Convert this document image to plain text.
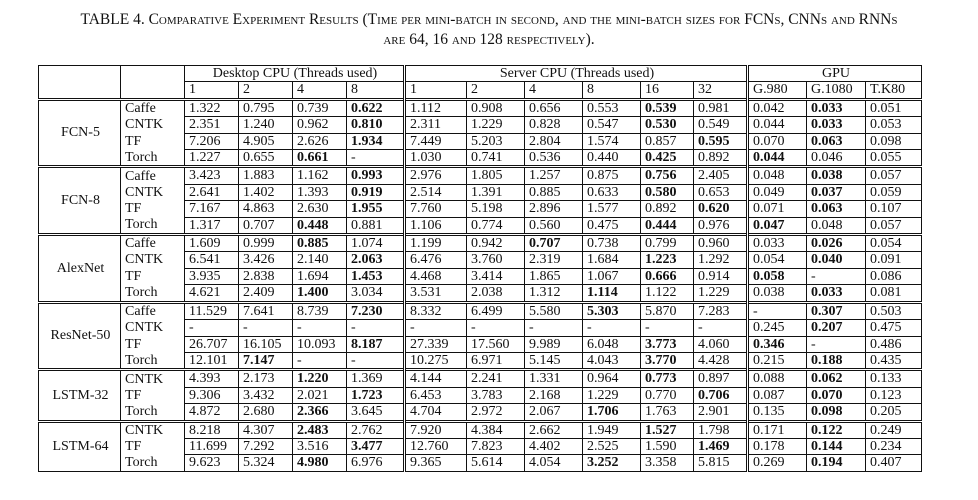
TABLE 4. Comparative Experiment Results (Time per mini-batch in second, and the mini-batch sizes for FCNs, CNNs and RNNs
are 64, 16 and 128 respectively).
		Desktop CPU (Threads used)				Server CPU (Threads used)						GPU		
		1	2	4	8	1	2	4	8	16	32	G.980	G.1080	T.K80
FCN-5	Caffe	1.322	0.795	0.739	0.622	1.112	0.908	0.656	0.553	0.539	0.981	0.042	0.033	0.051
	CNTK	2.351	1.240	0.962	0.810	2.311	1.229	0.828	0.547	0.530	0.549	0.044	0.033	0.053
	TF	7.206	4.905	2.626	1.934	7.449	5.203	2.804	1.574	0.857	0.595	0.070	0.063	0.098
	Torch	1.227	0.655	0.661	-	1.030	0.741	0.536	0.440	0.425	0.892	0.044	0.046	0.055
FCN-8	Caffe	3.423	1.883	1.162	0.993	2.976	1.805	1.257	0.875	0.756	2.405	0.048	0.038	0.057
	CNTK	2.641	1.402	1.393	0.919	2.514	1.391	0.885	0.633	0.580	0.653	0.049	0.037	0.059
	TF	7.167	4.863	2.630	1.955	7.760	5.198	2.896	1.577	0.892	0.620	0.071	0.063	0.107
	Torch	1.317	0.707	0.448	0.881	1.106	0.774	0.560	0.475	0.444	0.976	0.047	0.048	0.057
AlexNet	Caffe	1.609	0.999	0.885	1.074	1.199	0.942	0.707	0.738	0.799	0.960	0.033	0.026	0.054
	CNTK	6.541	3.426	2.140	2.063	6.476	3.760	2.319	1.684	1.223	1.292	0.054	0.040	0.091
	TF	3.935	2.838	1.694	1.453	4.468	3.414	1.865	1.067	0.666	0.914	0.058	-	0.086
	Torch	4.621	2.409	1.400	3.034	3.531	2.038	1.312	1.114	1.122	1.229	0.038	0.033	0.081
ResNet-50	Caffe	11.529	7.641	8.739	7.230	8.332	6.499	5.580	5.303	5.870	7.283	-	0.307	0.503
	CNTK	-	-	-	-	-	-	-	-	-	-	0.245	0.207	0.475
	TF	26.707	16.105	10.093	8.187	27.339	17.560	9.989	6.048	3.773	4.060	0.346	-	0.486
	Torch	12.101	7.147	-	-	10.275	6.971	5.145	4.043	3.770	4.428	0.215	0.188	0.435
LSTM-32	CNTK	4.393	2.173	1.220	1.369	4.144	2.241	1.331	0.964	0.773	0.897	0.088	0.062	0.133
	TF	9.306	3.432	2.021	1.723	6.453	3.783	2.168	1.229	0.770	0.706	0.087	0.070	0.123
	Torch	4.872	2.680	2.366	3.645	4.704	2.972	2.067	1.706	1.763	2.901	0.135	0.098	0.205
LSTM-64	CNTK	8.218	4.307	2.483	2.762	7.920	4.384	2.662	1.949	1.527	1.798	0.171	0.122	0.249
	TF	11.699	7.292	3.516	3.477	12.760	7.823	4.402	2.525	1.590	1.469	0.178	0.144	0.234
	Torch	9.623	5.324	4.980	6.976	9.365	5.614	4.054	3.252	3.358	5.815	0.269	0.194	0.407
